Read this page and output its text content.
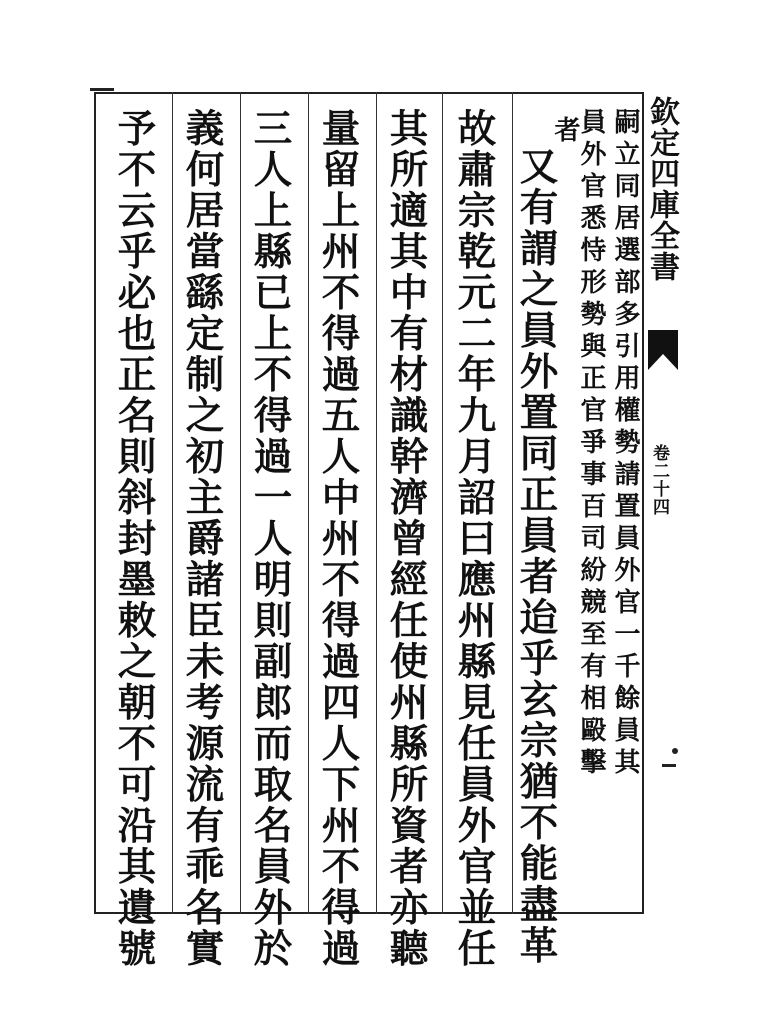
欽定四庫全書
卷二十四
嗣立同居選部多引用權勢請置員外官一千餘員其
員外官悉恃形勢與正官爭事百司紛競至有相毆擊
者
又有謂之員外置同正員者迨乎玄宗猶不能盡革
故肅宗乾元二年九月詔曰應州縣見任員外官並任
其所適其中有材識幹濟曾經任使州縣所資者亦聽
量留上州不得過五人中州不得過四人下州不得過
三人上縣已上不得過一人明則副郎而取名員外於
義何居當繇定制之初主爵諸臣未考源流有乖名實
予不云乎必也正名則斜封墨敕之朝不可沿其遺號
